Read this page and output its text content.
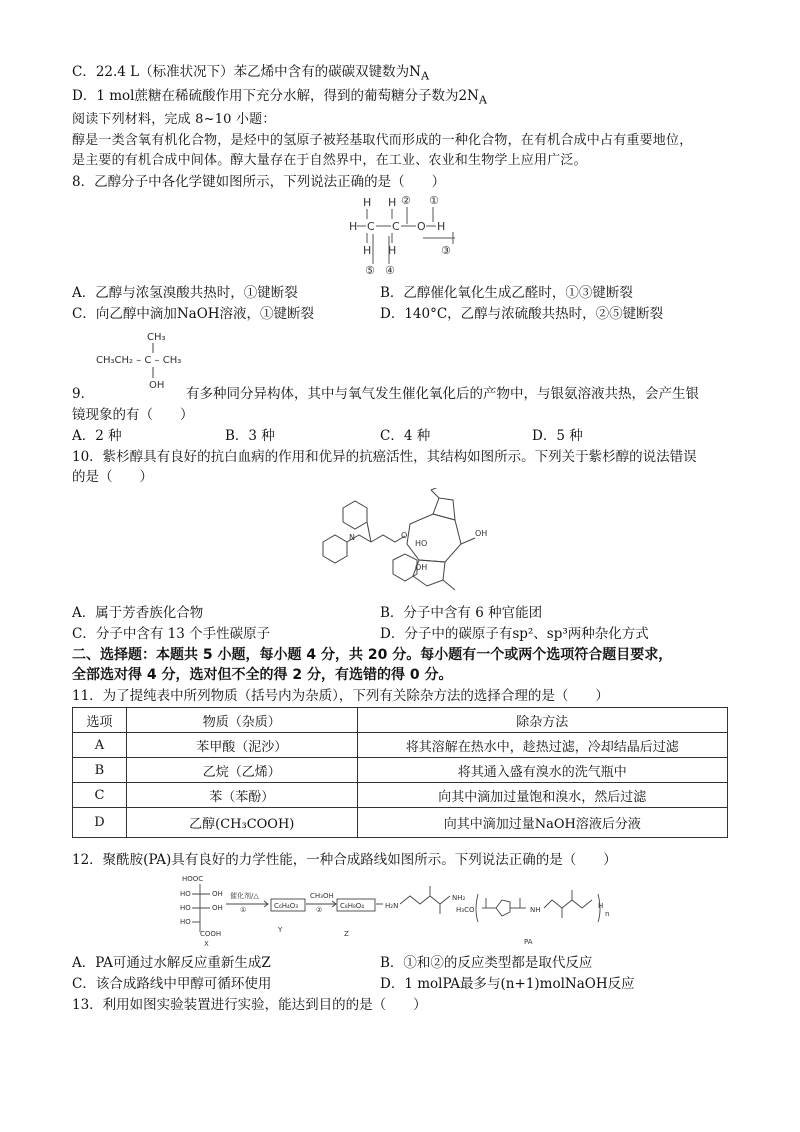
C．22.4 L（标准状况下）苯乙烯中含有的碳碳双键数为$N_A$
D．1 mol蔗糖在稀硫酸作用下充分水解，得到的葡萄糖分子数为$2N_A$
阅读下列材料，完成 8~10 小题：
醇是一类含氧有机化合物，是烃中的氢原子被羟基取代而形成的一种化合物，在有机合成中占有重要地位，
是主要的有机合成中间体。醇大量存在于自然界中，在工业、农业和生物学上应用广泛。
8．乙醇分子中各化学键如图所示，下列说法正确的是（　　）
H H
H C C O H
H H
② ①
③
⑤ ④
A．乙醇与浓氢溴酸共热时，①键断裂	B．乙醇催化氧化生成乙醛时，①③键断裂
C．向乙醇中滴加NaOH溶液，①键断裂	D．140°C，乙醇与浓硫酸共热时，②⑤键断裂
CH₃
CH₃CH₂ – C – CH₃
OH
9．	有多种同分异构体，其中与氧气发生催化氧化后的产物中，与银氨溶液共热，会产生银
镜现象的有（　　）
A．2 种	B．3 种	C．4 种	D．5 种
10．紫杉醇具有良好的抗白血病的作用和优异的抗癌活性，其结构如图所示。下列关于紫杉醇的说法错误
的是（　　）
N	OH
OH
HO
O
A．属于芳香族化合物	B．分子中含有 6 种官能团
C．分子中含有 13 个手性碳原子	D．分子中的碳原子有sp²、sp³两种杂化方式
二、选择题：本题共 5 小题，每小题 4 分，共 20 分。每小题有一个或两个选项符合题目要求，
全部选对得 4 分，选对但不全的得 2 分，有选错的得 0 分。
11．为了提纯表中所列物质（括号内为杂质），下列有关除杂方法的选择合理的是（　　）
选项	物质（杂质）	除杂方法
A	苯甲酸（泥沙）	将其溶解在热水中，趁热过滤，冷却结晶后过滤
B	乙烷（乙烯）	将其通入盛有溴水的洗气瓶中
C	苯（苯酚）	向其中滴加过量饱和溴水，然后过滤
D	乙醇(CH₃COOH)	向其中滴加过量NaOH溶液后分液
12．聚酰胺(PA)具有良好的力学性能，一种合成路线如图所示。下列说法正确的是（　　）
HOOC
HO
HO
HO
OH
OH
COOH
X
催化剂/△
①	C₆H₄O₃
Y
CH₃OH
②	C₈H₈O₄
Z
H₂N
NH₂
H₃CO	NH	H
n
PA
A．PA可通过水解反应重新生成Z	B．①和②的反应类型都是取代反应
C．该合成路线中甲醇可循环使用	D．1 molPA最多与(n+1)molNaOH反应
13．利用如图实验装置进行实验，能达到目的的是（　　）
